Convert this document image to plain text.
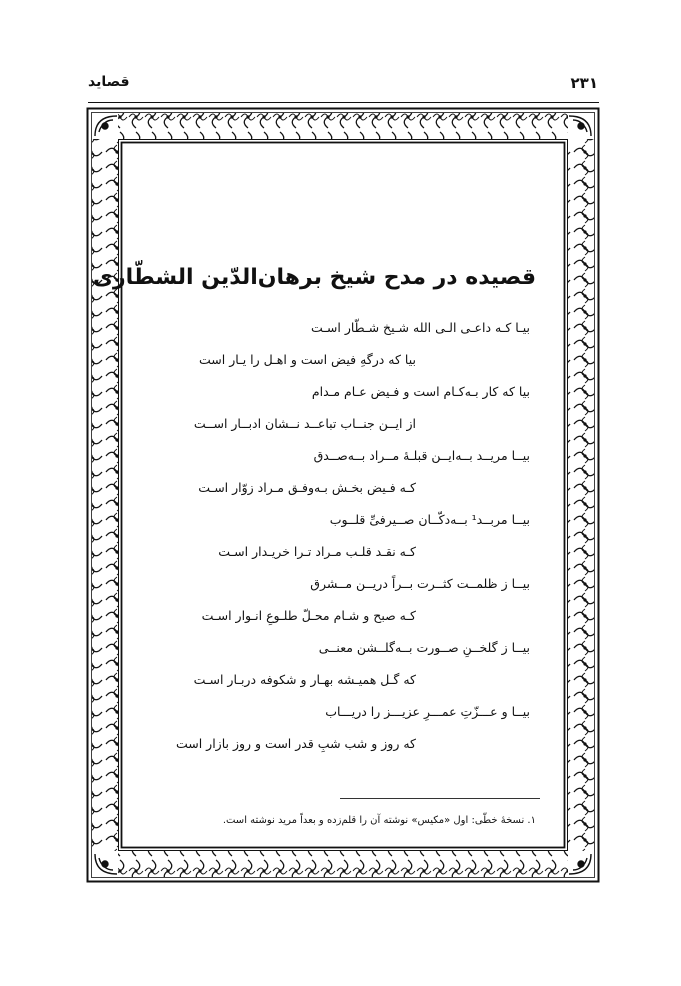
۲۳۱
قصاید
قصیده در مدح شیخ برهان‌الدّین الشطّاری
بیـا کـه داعـی الـی الله شـیخ شـطّار اسـت
بیا که درگهِ فیض است و اهـل را یـار است
بیا که کار بـه‌کـام است و فـیض عـام مـدام
از ایــن جنــاب تباعــد نــشان ادبــار اســت
بیــا مریــد بــه‌ایــن قبلـهٔ مــراد بــه‌صــدق
کـه فـیض بخـش بـه‌وفـق مـراد زوّار اسـت
بیــا مربــد¹ بــه‌دکّــان صــیرفیِّ قلــوب
کـه نقـد قلـب مـراد تـرا خریـدار اسـت
بیــا ز ظلمــت کثــرت بــراً دریــن مــشرق
کـه صبح و شـام محـلّ طلـوعِ انـوار اسـت
بیــا ز گلخــنِ صــورت بــه‌گلــشن معنــی
که گـل همیـشه بهـار و شکوفه دربـار اسـت
بیــا و عـــزّتِ عمـــرِ عزیـــز را دریـــاب
که روز و شب شبِ قدر است و روز بازار است
۱. نسخهٔ خطّی: اول «مکیس» نوشته آن را قلم‌زده و بعداً مرید نوشته است.
